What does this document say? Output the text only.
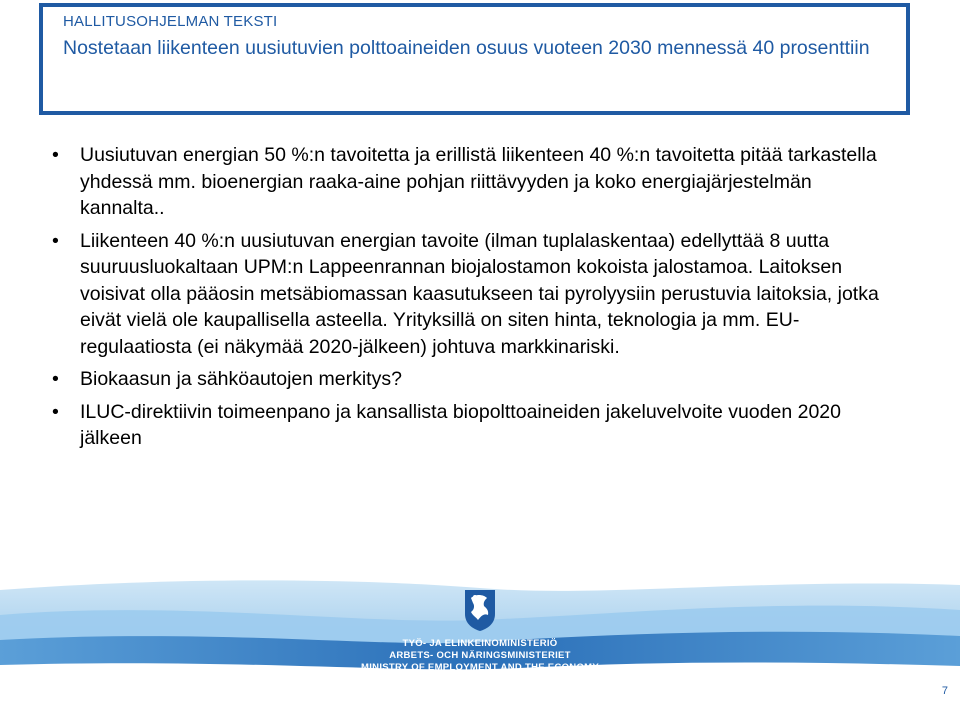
HALLITUSOHJELMAN TEKSTI
Nostetaan liikenteen uusiutuvien polttoaineiden osuus vuoteen 2030 mennessä 40 prosenttiin
• Uusiutuvan energian 50 %:n tavoitetta ja erillistä liikenteen 40 %:n tavoitetta pitää tarkastella yhdessä mm. bioenergian raaka-aine pohjan riittävyyden ja koko energiajärjestelmän kannalta..
• Liikenteen 40 %:n uusiutuvan energian tavoite (ilman tuplalaskentaa) edellyttää 8 uutta suuruusluokaltaan UPM:n Lappeenrannan biojalostamon kokoista jalostamoa. Laitoksen voisivat olla pääosin metsäbiomassan kaasutukseen tai pyrolyysiin perustuvia laitoksia, jotka eivät vielä ole kaupallisella asteella. Yrityksillä on siten hinta, teknologia ja mm. EU-regulaatiosta (ei näkymää 2020-jälkeen) johtuva markkinariski.
• Biokaasun ja sähköautojen merkitys?
• ILUC-direktiivin toimeenpano ja kansallista biopolttoaineiden jakeluvelvoite vuoden 2020 jälkeen
TYÖ- JA ELINKEINOMINISTERIÖ
ARBETS- OCH NÄRINGSMINISTERIET
MINISTRY OF EMPLOYMENT AND THE ECONOMY
7
